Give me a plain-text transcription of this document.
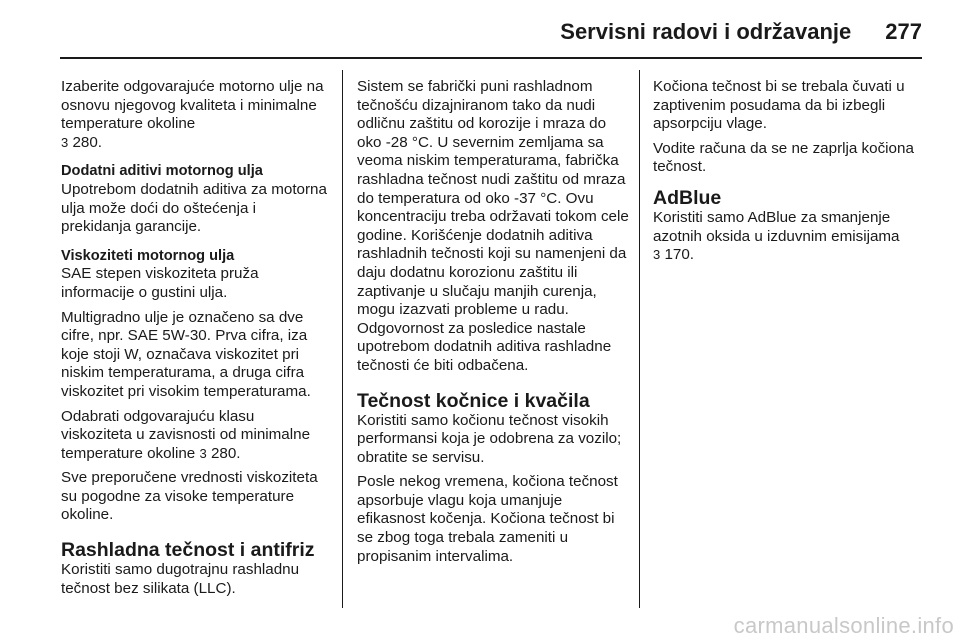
Servisni radovi i održavanje 277

Izaberite odgovarajuće motorno ulje na osnovu njegovog kvaliteta i minimalne temperature okoline
3 280.

Dodatni aditivi motornog ulja

Upotrebom dodatnih aditiva za motorna ulja može doći do oštećenja i prekidanja garancije.

Viskoziteti motornog ulja

SAE stepen viskoziteta pruža informacije o gustini ulja.

Multigradno ulje je označeno sa dve cifre, npr. SAE 5W-30. Prva cifra, iza koje stoji W, označava viskozitet pri niskim temperaturama, a druga cifra viskozitet pri visokim temperaturama.

Odabrati odgovarajuću klasu viskoziteta u zavisnosti od minimalne temperature okoline 3 280.

Sve preporučene vrednosti viskoziteta su pogodne za visoke temperature okoline.

Rashladna tečnost i antifriz

Koristiti samo dugotrajnu rashladnu tečnost bez silikata (LLC).

Sistem se fabrički puni rashladnom tečnošću dizajniranom tako da nudi odličnu zaštitu od korozije i mraza do oko -28 °C. U severnim zemljama sa veoma niskim temperaturama, fabrička rashladna tečnost nudi zaštitu od mraza do temperatura od oko -37 °C. Ovu koncentraciju treba održavati tokom cele godine. Korišćenje dodatnih aditiva rashladnih tečnosti koji su namenjeni da daju dodatnu korozionu zaštitu ili zaptivanje u slučaju manjih curenja, mogu izazvati probleme u radu. Odgovornost za posledice nastale upotrebom dodatnih aditiva rashladne tečnosti će biti odbačena.

Tečnost kočnice i kvačila

Koristiti samo kočionu tečnost visokih performansi koja je odobrena za vozilo; obratite se servisu.

Posle nekog vremena, kočiona tečnost apsorbuje vlagu koja umanjuje efikasnost kočenja. Kočiona tečnost bi se zbog toga trebala zameniti u propisanim intervalima.

Kočiona tečnost bi se trebala čuvati u zaptivenim posudama da bi izbegli apsorpciju vlage.

Vodite računa da se ne zaprlja kočiona tečnost.

AdBlue

Koristiti samo AdBlue za smanjenje azotnih oksida u izduvnim emisijama
3 170.

carmanualsonline.info
